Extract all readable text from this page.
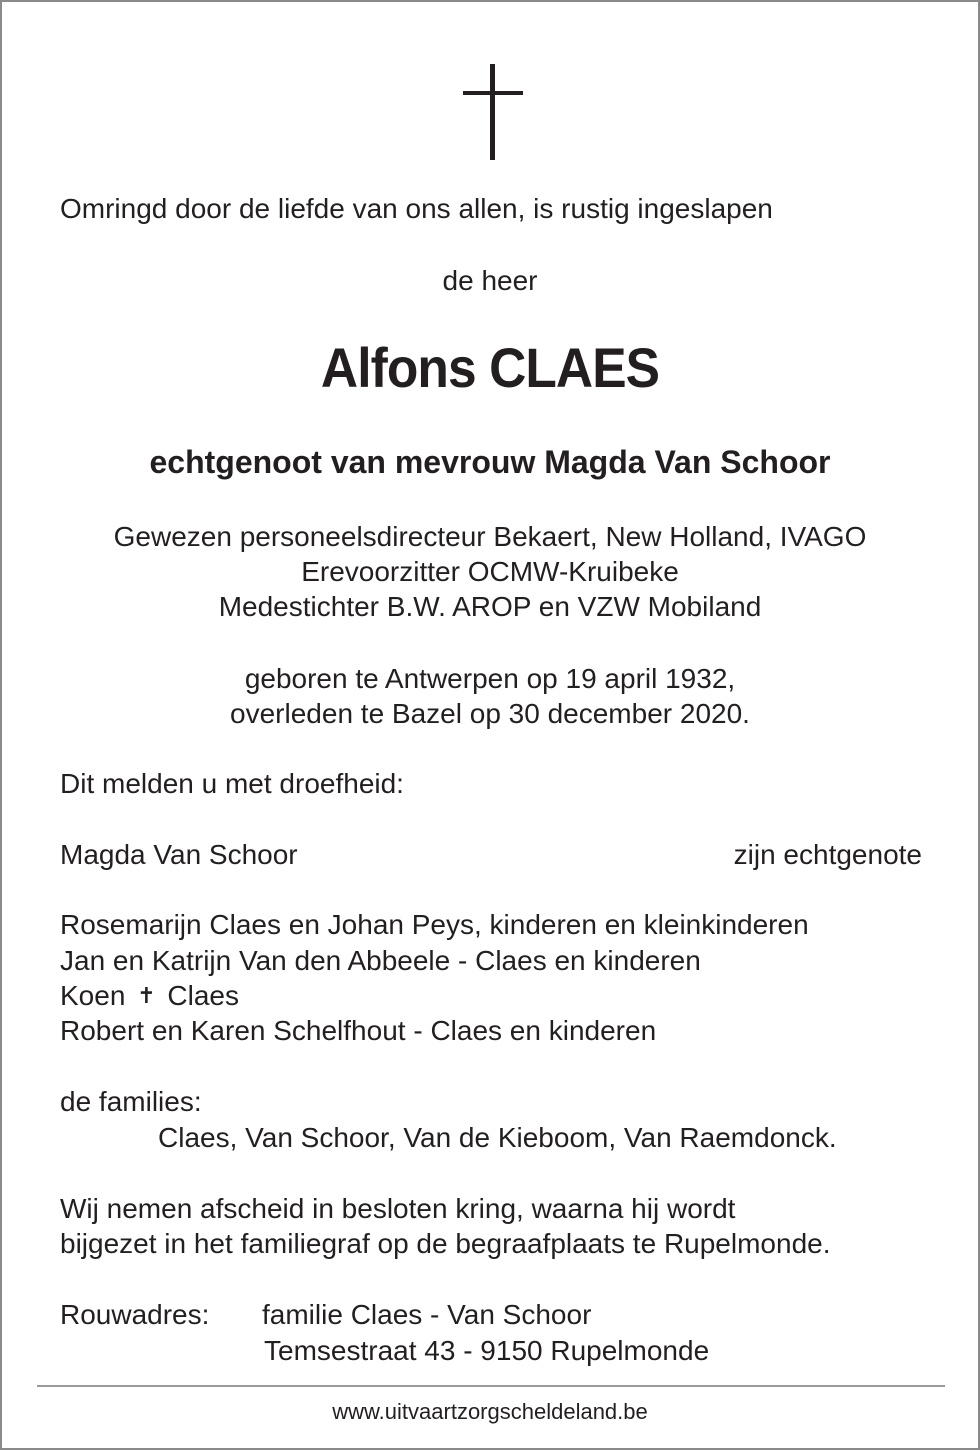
Omringd door de liefde van ons allen, is rustig ingeslapen
de heer
Alfons CLAES
echtgenoot van mevrouw Magda Van Schoor
Gewezen personeelsdirecteur Bekaert, New Holland, IVAGO
Erevoorzitter OCMW-Kruibeke
Medestichter B.W. AROP en VZW Mobiland
geboren te Antwerpen op 19 april 1932,
overleden te Bazel op 30 december 2020.
Dit melden u met droefheid:
Magda Van Schoor	zijn echtgenote
Rosemarijn Claes en Johan Peys, kinderen en kleinkinderen
Jan en Katrijn Van den Abbeele - Claes en kinderen
Koen ✝ Claes
Robert en Karen Schelfhout - Claes en kinderen
de families:
Claes, Van Schoor, Van de Kieboom, Van Raemdonck.
Wij nemen afscheid in besloten kring, waarna hij wordt
bijgezet in het familiegraf op de begraafplaats te Rupelmonde.
Rouwadres: familie Claes - Van Schoor
Temsestraat 43 - 9150 Rupelmonde
www.uitvaartzorgscheldeland.be
